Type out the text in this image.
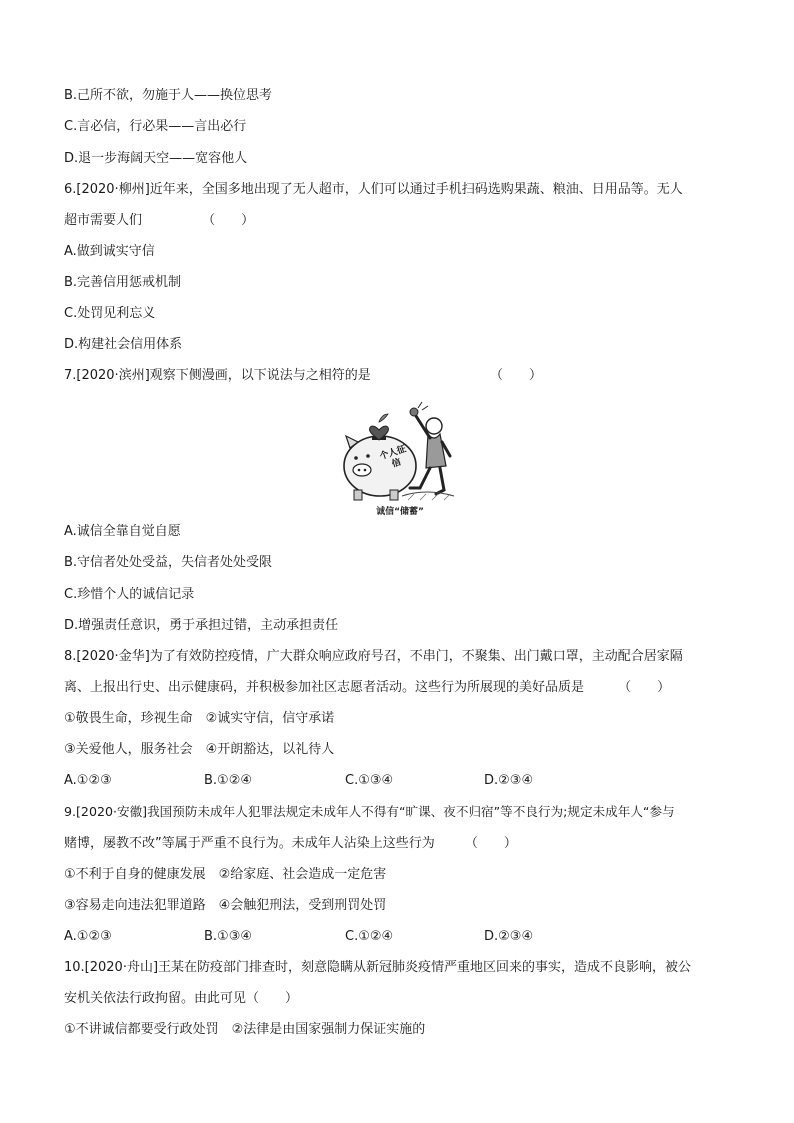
B.己所不欲，勿施于人——换位思考
C.言必信，行必果——言出必行
D.退一步海阔天空——宽容他人
6.[2020·柳州]近年来，全国多地出现了无人超市，人们可以通过手机扫码选购果蔬、粮油、日用品等。无人
超市需要人们	（　　）
A.做到诚实守信
B.完善信用惩戒机制
C.处罚见利忘义
D.构建社会信用体系
7.[2020·滨州]观察下侧漫画，以下说法与之相符的是	（　　）
个人征信
诚信“储蓄”
A.诚信全靠自觉自愿
B.守信者处处受益，失信者处处受限
C.珍惜个人的诚信记录
D.增强责任意识，勇于承担过错，主动承担责任
8.[2020·金华]为了有效防控疫情，广大群众响应政府号召，不串门，不聚集、出门戴口罩，主动配合居家隔
离、上报出行史、出示健康码，并积极参加社区志愿者活动。这些行为所展现的美好品质是	（　　）
①敬畏生命，珍视生命　②诚实守信，信守承诺
③关爱他人，服务社会　④开朗豁达，以礼待人
A.①②③	B.①②④	C.①③④	D.②③④
9.[2020·安徽]我国预防未成年人犯罪法规定未成年人不得有“旷课、夜不归宿”等不良行为;规定未成年人“参与
赌博，屡教不改”等属于严重不良行为。未成年人沾染上这些行为 （　　）
①不利于自身的健康发展　②给家庭、社会造成一定危害
③容易走向违法犯罪道路　④会触犯刑法，受到刑罚处罚
A.①②③	B.①③④	C.①②④	D.②③④
10.[2020·舟山]王某在防疫部门排查时，刻意隐瞒从新冠肺炎疫情严重地区回来的事实，造成不良影响，被公
安机关依法行政拘留。由此可见（　　）
①不讲诚信都要受行政处罚　②法律是由国家强制力保证实施的
